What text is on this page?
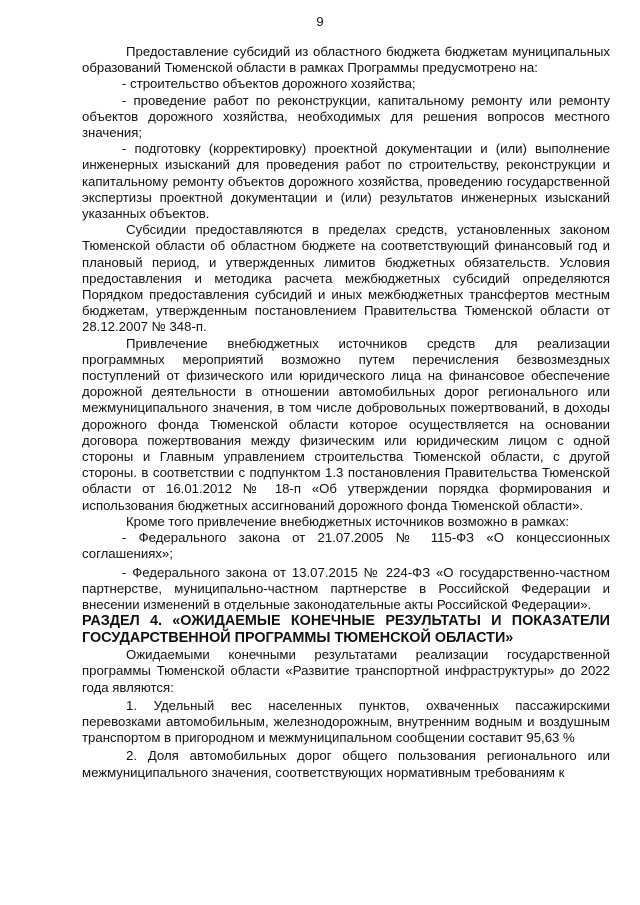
9

Предоставление субсидий из областного бюджета бюджетам муниципальных образований Тюменской области в рамках Программы предусмотрено на:

- строительство объектов дорожного хозяйства;

- проведение работ по реконструкции, капитальному ремонту или ремонту объектов дорожного хозяйства, необходимых для решения вопросов местного значения;

- подготовку (корректировку) проектной документации и (или) выполнение инженерных изысканий для проведения работ по строительству, реконструкции и капитальному ремонту объектов дорожного хозяйства, проведению государственной экспертизы проектной документации и (или) результатов инженерных изысканий указанных объектов.

Субсидии предоставляются в пределах средств, установленных законом Тюменской области об областном бюджете на соответствующий финансовый год и плановый период, и утвержденных лимитов бюджетных обязательств. Условия предоставления и методика расчета межбюджетных субсидий определяются Порядком предоставления субсидий и иных межбюджетных трансфертов местным бюджетам, утвержденным постановлением Правительства Тюменской области от 28.12.2007 № 348-п.

Привлечение внебюджетных источников средств для реализации программных мероприятий возможно путем перечисления безвозмездных поступлений от физического или юридического лица на финансовое обеспечение дорожной деятельности в отношении автомобильных дорог регионального или межмуниципального значения, в том числе добровольных пожертвований, в доходы дорожного фонда Тюменской области которое осуществляется на основании договора пожертвования между физическим или юридическим лицом с одной стороны и Главным управлением строительства Тюменской области, с другой стороны. в соответствии с подпунктом 1.3 постановления Правительства Тюменской области от 16.01.2012 № 18-п «Об утверждении порядка формирования и использования бюджетных ассигнований дорожного фонда Тюменской области».

Кроме того привлечение внебюджетных источников возможно в рамках:

- Федерального закона от 21.07.2005 № 115-ФЗ «О концессионных соглашениях»;

- Федерального закона от 13.07.2015 № 224-ФЗ «О государственно-частном партнерстве, муниципально-частном партнерстве в Российской Федерации и внесении изменений в отдельные законодательные акты Российской Федерации».

РАЗДЕЛ 4. «ОЖИДАЕМЫЕ КОНЕЧНЫЕ РЕЗУЛЬТАТЫ И ПОКАЗАТЕЛИ ГОСУДАРСТВЕННОЙ ПРОГРАММЫ ТЮМЕНСКОЙ ОБЛАСТИ»

Ожидаемыми конечными результатами реализации государственной программы Тюменской области «Развитие транспортной инфраструктуры» до 2022 года являются:

1. Удельный вес населенных пунктов, охваченных пассажирскими перевозками автомобильным, железнодорожным, внутренним водным и воздушным транспортом в пригородном и межмуниципальном сообщении составит 95,63 %

2. Доля автомобильных дорог общего пользования регионального или межмуниципального значения, соответствующих нормативным требованиям к
